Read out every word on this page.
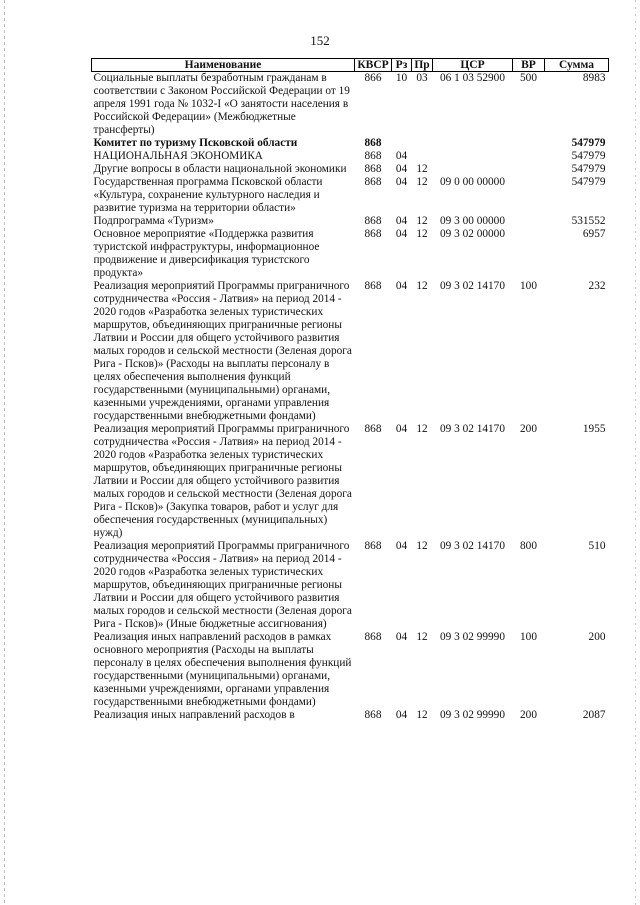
152
Наименование	КВСР	Рз	Пр	ЦСР	ВР	Сумма
Социальные выплаты безработным гражданам в соответствии с Законом Российской Федерации от 19 апреля 1991 года № 1032-I «О занятости населения в Российской Федерации» (Межбюджетные трансферты)	866	10	03	06 1 03 52900	500	8983
Комитет по туризму Псковской области	868					547979
НАЦИОНАЛЬНАЯ ЭКОНОМИКА	868	04				547979
Другие вопросы в области национальной экономики	868	04	12			547979
Государственная программа Псковской области «Культура, сохранение культурного наследия и развитие туризма на территории области»	868	04	12	09 0 00 00000		547979
Подпрограмма «Туризм»	868	04	12	09 3 00 00000		531552
Основное мероприятие «Поддержка развития туристской инфраструктуры, информационное продвижение и диверсификация туристского продукта»	868	04	12	09 3 02 00000		6957
Реализация мероприятий Программы приграничного сотрудничества «Россия - Латвия» на период 2014 - 2020 годов «Разработка зеленых туристических маршрутов, объединяющих приграничные регионы Латвии и России для общего устойчивого развития малых городов и сельской местности (Зеленая дорога Рига - Псков)» (Расходы на выплаты персоналу в целях обеспечения выполнения функций государственными (муниципальными) органами, казенными учреждениями, органами управления государственными внебюджетными фондами)	868	04	12	09 3 02 14170	100	232
Реализация мероприятий Программы приграничного сотрудничества «Россия - Латвия» на период 2014 - 2020 годов «Разработка зеленых туристических маршрутов, объединяющих приграничные регионы Латвии и России для общего устойчивого развития малых городов и сельской местности (Зеленая дорога Рига - Псков)» (Закупка товаров, работ и услуг для обеспечения государственных (муниципальных) нужд)	868	04	12	09 3 02 14170	200	1955
Реализация мероприятий Программы приграничного сотрудничества «Россия - Латвия» на период 2014 - 2020 годов «Разработка зеленых туристических маршрутов, объединяющих приграничные регионы Латвии и России для общего устойчивого развития малых городов и сельской местности (Зеленая дорога Рига - Псков)» (Иные бюджетные ассигнования)	868	04	12	09 3 02 14170	800	510
Реализация иных направлений расходов в рамках основного мероприятия (Расходы на выплаты персоналу в целях обеспечения выполнения функций государственными (муниципальными) органами, казенными учреждениями, органами управления государственными внебюджетными фондами)	868	04	12	09 3 02 99990	100	200
Реализация иных направлений расходов в	868	04	12	09 3 02 99990	200	2087
